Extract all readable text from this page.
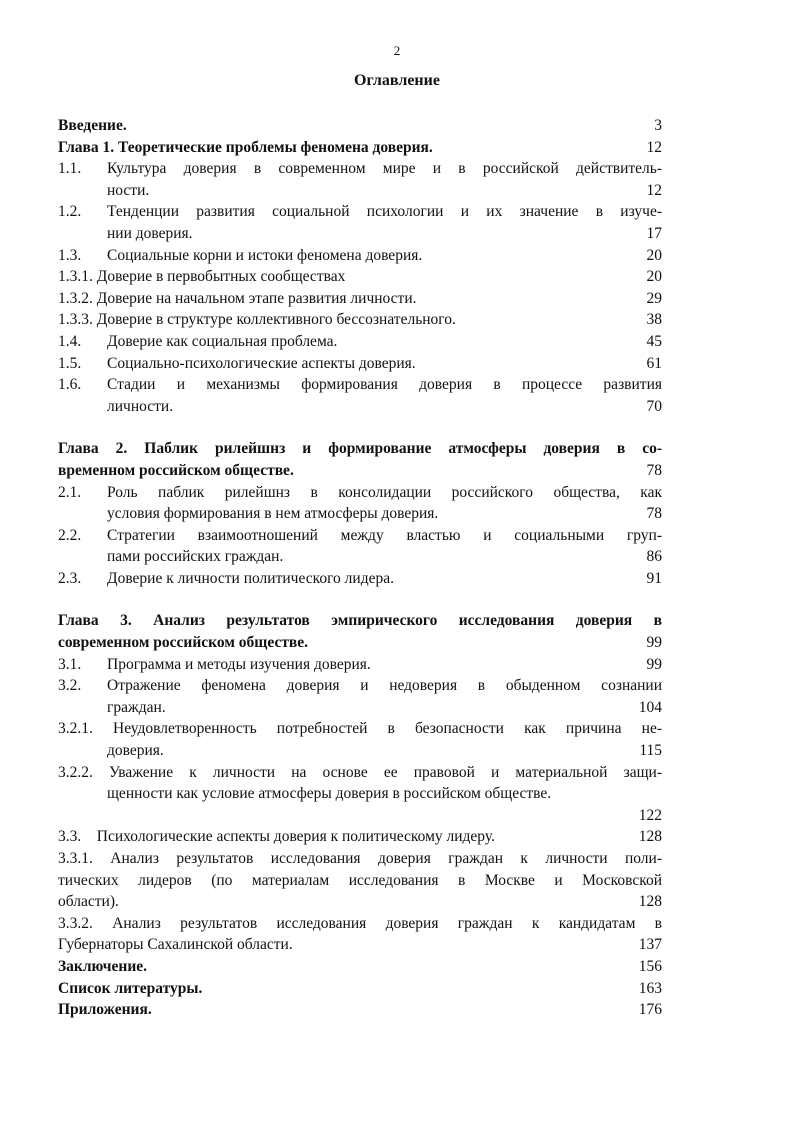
2
Оглавление
Введение.	3
Глава 1. Теоретические проблемы феномена доверия.	12
1.1. Культура доверия в современном мире и в российской действитель-
ности.	12
1.2. Тенденции развития социальной психологии и их значение в изуче-
нии доверия.	17
1.3. Социальные корни и истоки феномена доверия.	20
1.3.1. Доверие в первобытных сообществах	20
1.3.2. Доверие на начальном этапе развития личности.	29
1.3.3. Доверие в структуре коллективного бессознательного.	38
1.4. Доверие как социальная проблема.	45
1.5. Социально-психологические аспекты доверия.	61
1.6. Стадии и механизмы формирования доверия в процессе развития
личности.	70
Глава 2. Паблик рилейшнз и формирование атмосферы доверия в со-
временном российском обществе.	78
2.1. Роль паблик рилейшнз в консолидации российского общества, как
условия формирования в нем атмосферы доверия.	78
2.2. Стратегии взаимоотношений между властью и социальными груп-
пами российских граждан.	86
2.3. Доверие к личности политического лидера.	91
Глава 3. Анализ результатов эмпирического исследования доверия в
современном российском обществе.	99
3.1. Программа и методы изучения доверия.	99
3.2. Отражение феномена доверия и недоверия в обыденном сознании
граждан.	104
3.2.1. Неудовлетворенность потребностей в безопасности как причина не-
доверия.	115
3.2.2. Уважение к личности на основе ее правовой и материальной защи-
щенности как условие атмосферы доверия в российском обществе.
122
3.3. Психологические аспекты доверия к политическому лидеру.	128
3.3.1. Анализ результатов исследования доверия граждан к личности поли-
тических лидеров (по материалам исследования в Москве и Московской
области).	128
3.3.2. Анализ результатов исследования доверия граждан к кандидатам в
Губернаторы Сахалинской области.	137
Заключение.	156
Список литературы.	163
Приложения.	176
